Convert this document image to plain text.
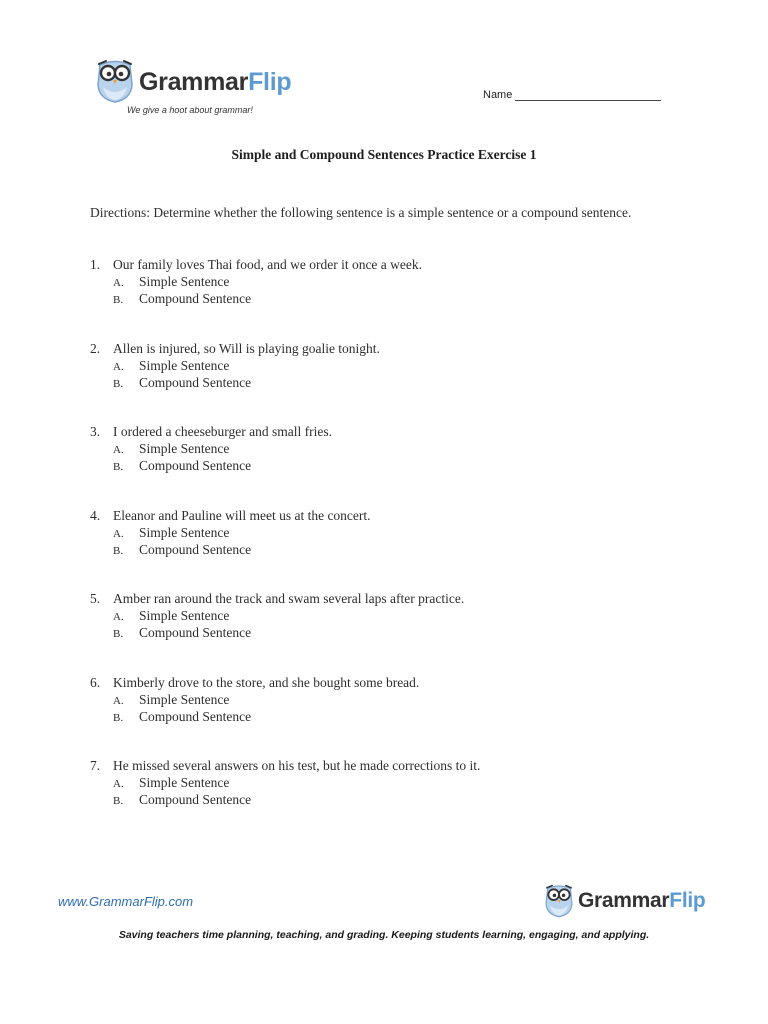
GrammarFlip
We give a hoot about grammar!
Name
Simple and Compound Sentences Practice Exercise 1
Directions: Determine whether the following sentence is a simple sentence or a compound sentence.
1. Our family loves Thai food, and we order it once a week.
A.	Simple Sentence
B.	Compound Sentence
2. Allen is injured, so Will is playing goalie tonight.
A.	Simple Sentence
B.	Compound Sentence
3. I ordered a cheeseburger and small fries.
A.	Simple Sentence
B.	Compound Sentence
4. Eleanor and Pauline will meet us at the concert.
A.	Simple Sentence
B.	Compound Sentence
5. Amber ran around the track and swam several laps after practice.
A.	Simple Sentence
B.	Compound Sentence
6. Kimberly drove to the store, and she bought some bread.
A.	Simple Sentence
B.	Compound Sentence
7. He missed several answers on his test, but he made corrections to it.
A.	Simple Sentence
B.	Compound Sentence
www.GrammarFlip.com	GrammarFlip
Saving teachers time planning, teaching, and grading. Keeping students learning, engaging, and applying.
